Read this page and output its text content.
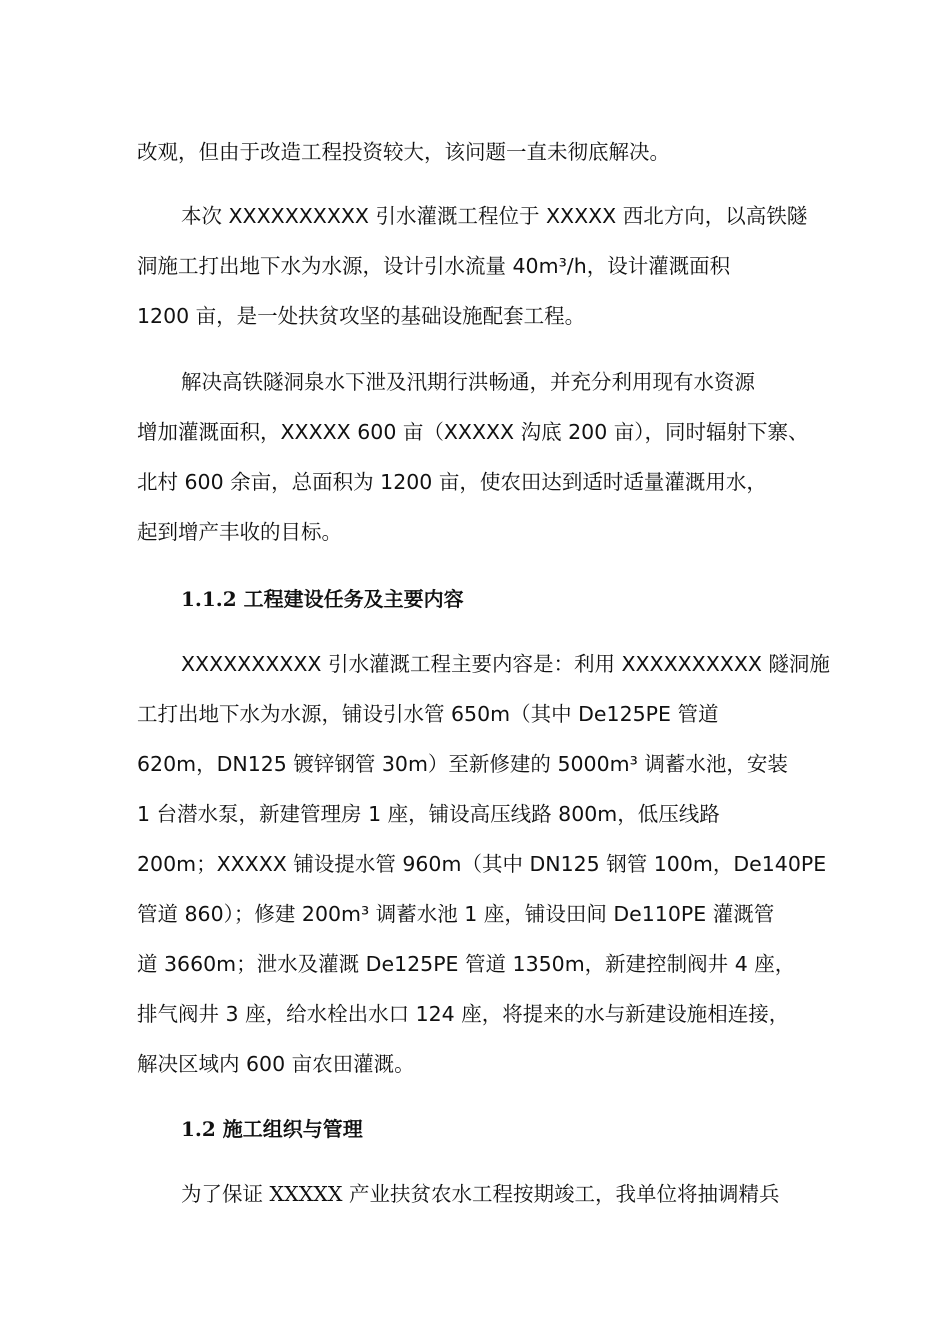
改观，但由于改造工程投资较大，该问题一直未彻底解决。
本次 XXXXXXXXXX 引水灌溉工程位于 XXXXX 西北方向，以高铁隧
洞施工打出地下水为水源，设计引水流量 40m³/h，设计灌溉面积
1200 亩，是一处扶贫攻坚的基础设施配套工程。
解决高铁隧洞泉水下泄及汛期行洪畅通，并充分利用现有水资源
增加灌溉面积，XXXXX 600 亩（XXXXX 沟底 200 亩），同时辐射下寨、
北村 600 余亩，总面积为 1200 亩，使农田达到适时适量灌溉用水，
起到增产丰收的目标。
1.1.2 工程建设任务及主要内容
XXXXXXXXXX 引水灌溉工程主要内容是：利用 XXXXXXXXXX 隧洞施
工打出地下水为水源，铺设引水管 650m（其中 De125PE 管道
620m，DN125 镀锌钢管 30m）至新修建的 5000m³ 调蓄水池，安装
1 台潜水泵，新建管理房 1 座，铺设高压线路 800m，低压线路
200m；XXXXX 铺设提水管 960m（其中 DN125 钢管 100m，De140PE
管道 860）；修建 200m³ 调蓄水池 1 座，铺设田间 De110PE 灌溉管
道 3660m；泄水及灌溉 De125PE 管道 1350m，新建控制阀井 4 座，
排气阀井 3 座，给水栓出水口 124 座，将提来的水与新建设施相连接，
解决区域内 600 亩农田灌溉。
1.2 施工组织与管理
为了保证 XXXXX 产业扶贫农水工程按期竣工，我单位将抽调精兵
